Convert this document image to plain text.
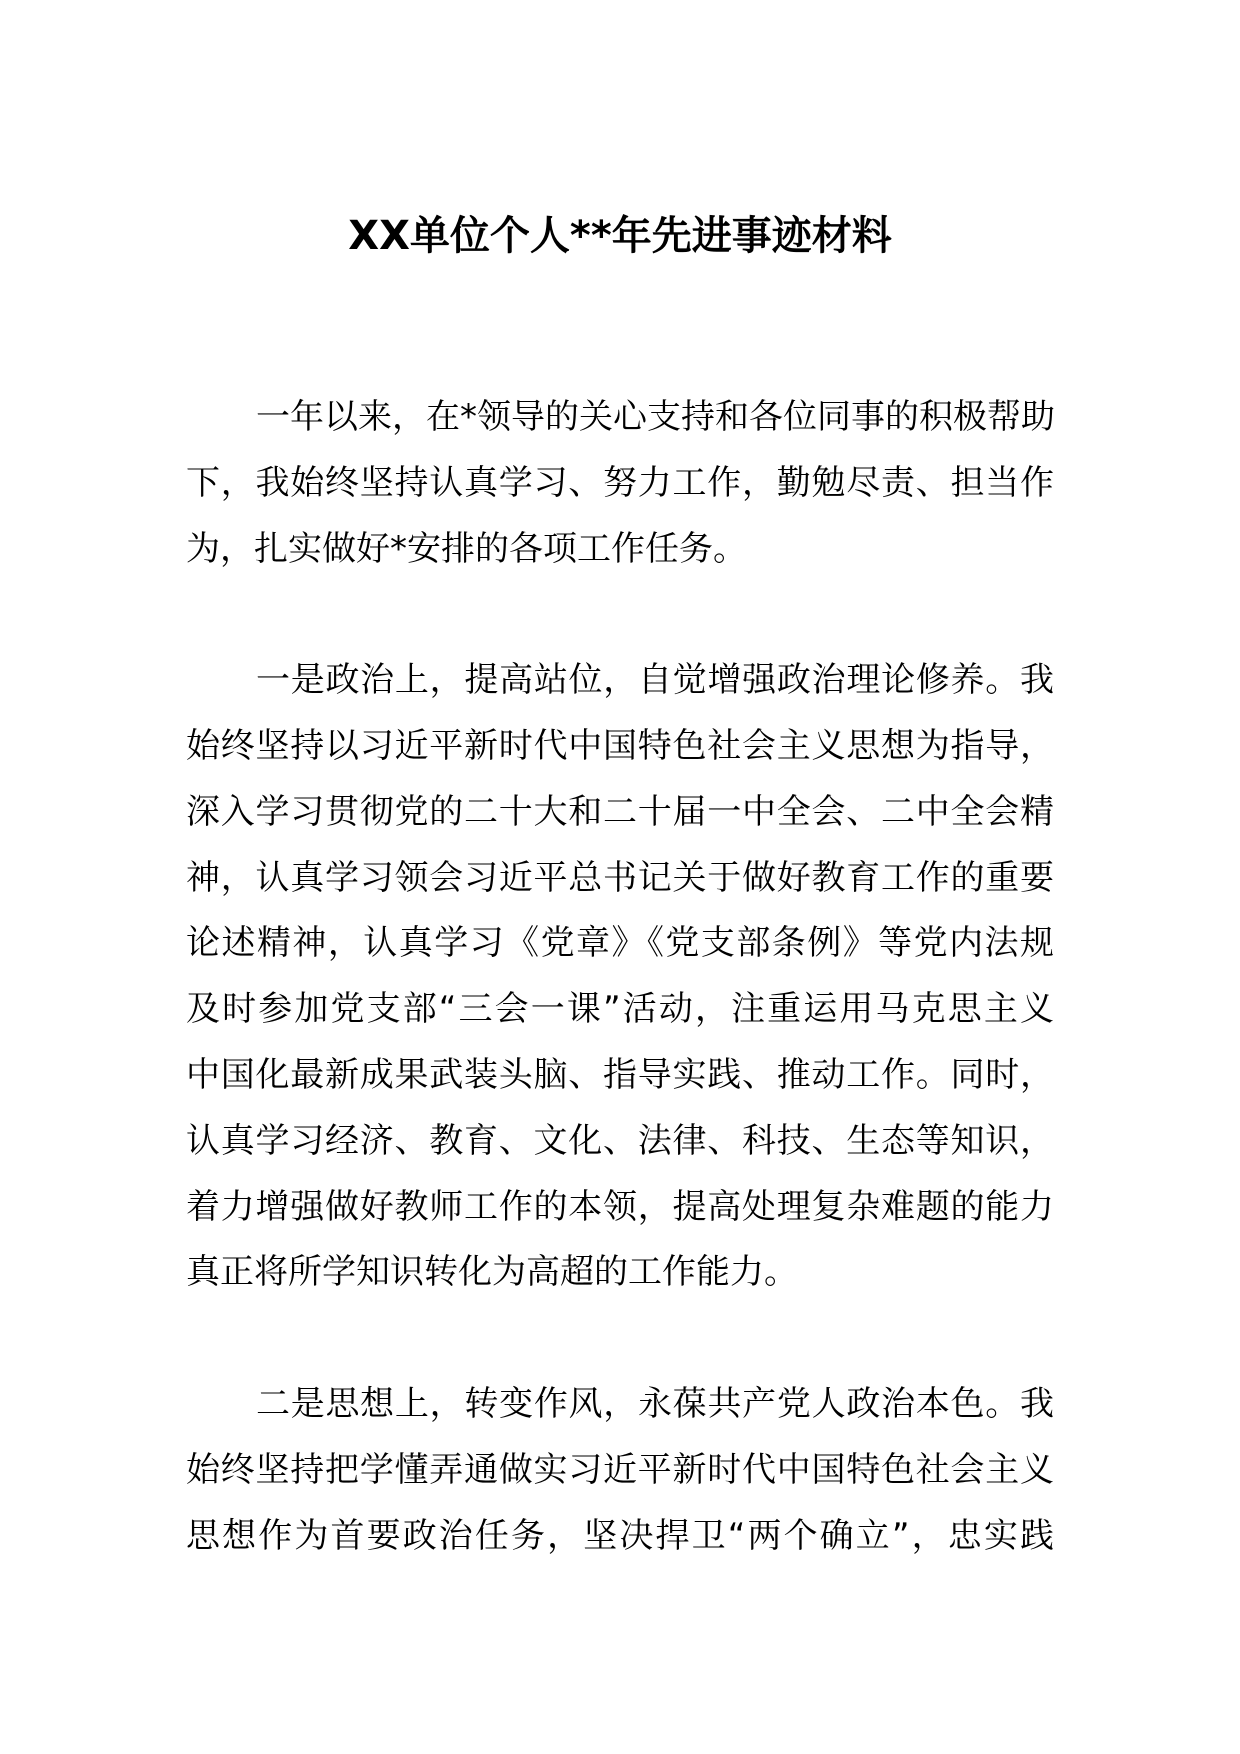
XX单位个人**年先进事迹材料
一年以来，在*领导的关心支持和各位同事的积极帮助
下，我始终坚持认真学习、努力工作，勤勉尽责、担当作
为，扎实做好*安排的各项工作任务。
一是政治上，提高站位，自觉增强政治理论修养。我
始终坚持以习近平新时代中国特色社会主义思想为指导，
深入学习贯彻党的二十大和二十届一中全会、二中全会精
神，认真学习领会习近平总书记关于做好教育工作的重要
论述精神，认真学习《党章》《党支部条例》等党内法规
及时参加党支部“三会一课”活动，注重运用马克思主义
中国化最新成果武装头脑、指导实践、推动工作。同时，
认真学习经济、教育、文化、法律、科技、生态等知识，
着力增强做好教师工作的本领，提高处理复杂难题的能力
真正将所学知识转化为高超的工作能力。
二是思想上，转变作风，永葆共产党人政治本色。我
始终坚持把学懂弄通做实习近平新时代中国特色社会主义
思想作为首要政治任务，坚决捍卫“两个确立”，忠实践
